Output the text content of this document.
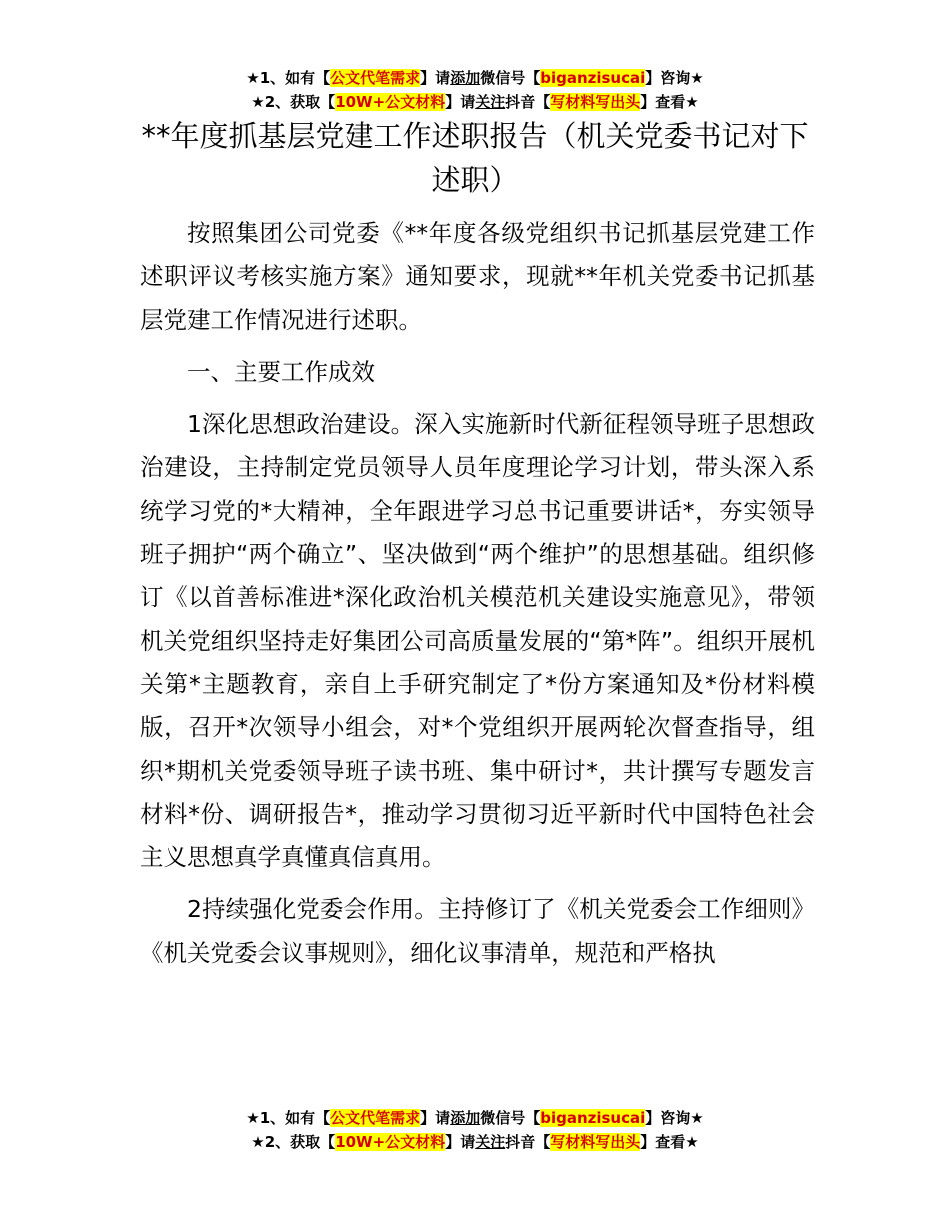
★1、如有【公文代笔需求】请添加微信号【biganzisucai】咨询★
★2、获取【10W+公文材料】请关注抖音【写材料写出头】查看★
**年度抓基层党建工作述职报告（机关党委书记对下述职）

按照集团公司党委《**年度各级党组织书记抓基层党建工作述职评议考核实施方案》通知要求，现就**年机关党委书记抓基层党建工作情况进行述职。

一、主要工作成效

1深化思想政治建设。深入实施新时代新征程领导班子思想政治建设，主持制定党员领导人员年度理论学习计划，带头深入系统学习党的*大精神，全年跟进学习总书记重要讲话*，夯实领导班子拥护“两个确立”、坚决做到“两个维护”的思想基础。组织修订《以首善标准进*深化政治机关模范机关建设实施意见》，带领机关党组织坚持走好集团公司高质量发展的“第*阵”。组织开展机关第*主题教育，亲自上手研究制定了*份方案通知及*份材料模版，召开*次领导小组会，对*个党组织开展两轮次督查指导，组织*期机关党委领导班子读书班、集中研讨*，共计撰写专题发言材料*份、调研报告*，推动学习贯彻习近平新时代中国特色社会主义思想真学真懂真信真用。

2持续强化党委会作用。主持修订了《机关党委会工作细则》《机关党委会议事规则》，细化议事清单，规范和严格执

★1、如有【公文代笔需求】请添加微信号【biganzisucai】咨询★
★2、获取【10W+公文材料】请关注抖音【写材料写出头】查看★
